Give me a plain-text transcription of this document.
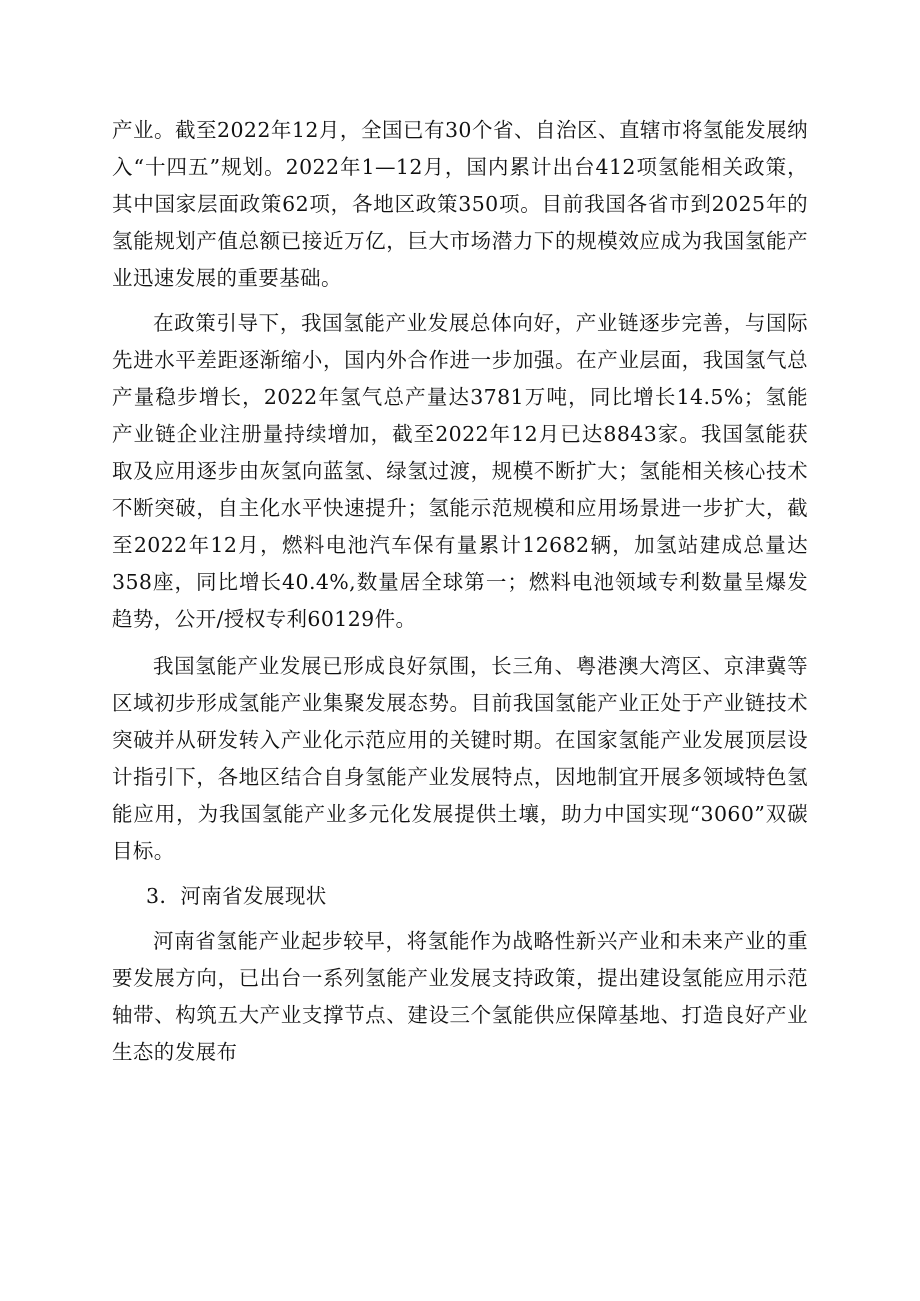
产业。截至2022年12月，全国已有30个省、自治区、直辖市将氢能发展纳入“十四五”规划。2022年1—12月，国内累计出台412项氢能相关政策，其中国家层面政策62项，各地区政策350项。目前我国各省市到2025年的氢能规划产值总额已接近万亿，巨大市场潜力下的规模效应成为我国氢能产业迅速发展的重要基础。

在政策引导下，我国氢能产业发展总体向好，产业链逐步完善，与国际先进水平差距逐渐缩小，国内外合作进一步加强。在产业层面，我国氢气总产量稳步增长，2022年氢气总产量达3781万吨，同比增长14.5%；氢能产业链企业注册量持续增加，截至2022年12月已达8843家。我国氢能获取及应用逐步由灰氢向蓝氢、绿氢过渡，规模不断扩大；氢能相关核心技术不断突破，自主化水平快速提升；氢能示范规模和应用场景进一步扩大，截至2022年12月，燃料电池汽车保有量累计12682辆，加氢站建成总量达358座，同比增长40.4%,数量居全球第一；燃料电池领域专利数量呈爆发趋势，公开/授权专利60129件。

我国氢能产业发展已形成良好氛围，长三角、粤港澳大湾区、京津冀等区域初步形成氢能产业集聚发展态势。目前我国氢能产业正处于产业链技术突破并从研发转入产业化示范应用的关键时期。在国家氢能产业发展顶层设计指引下，各地区结合自身氢能产业发展特点，因地制宜开展多领域特色氢能应用，为我国氢能产业多元化发展提供土壤，助力中国实现“3060”双碳目标。

3．河南省发展现状

河南省氢能产业起步较早，将氢能作为战略性新兴产业和未来产业的重要发展方向，已出台一系列氢能产业发展支持政策，提出建设氢能应用示范轴带、构筑五大产业支撑节点、建设三个氢能供应保障基地、打造良好产业生态的发展布
